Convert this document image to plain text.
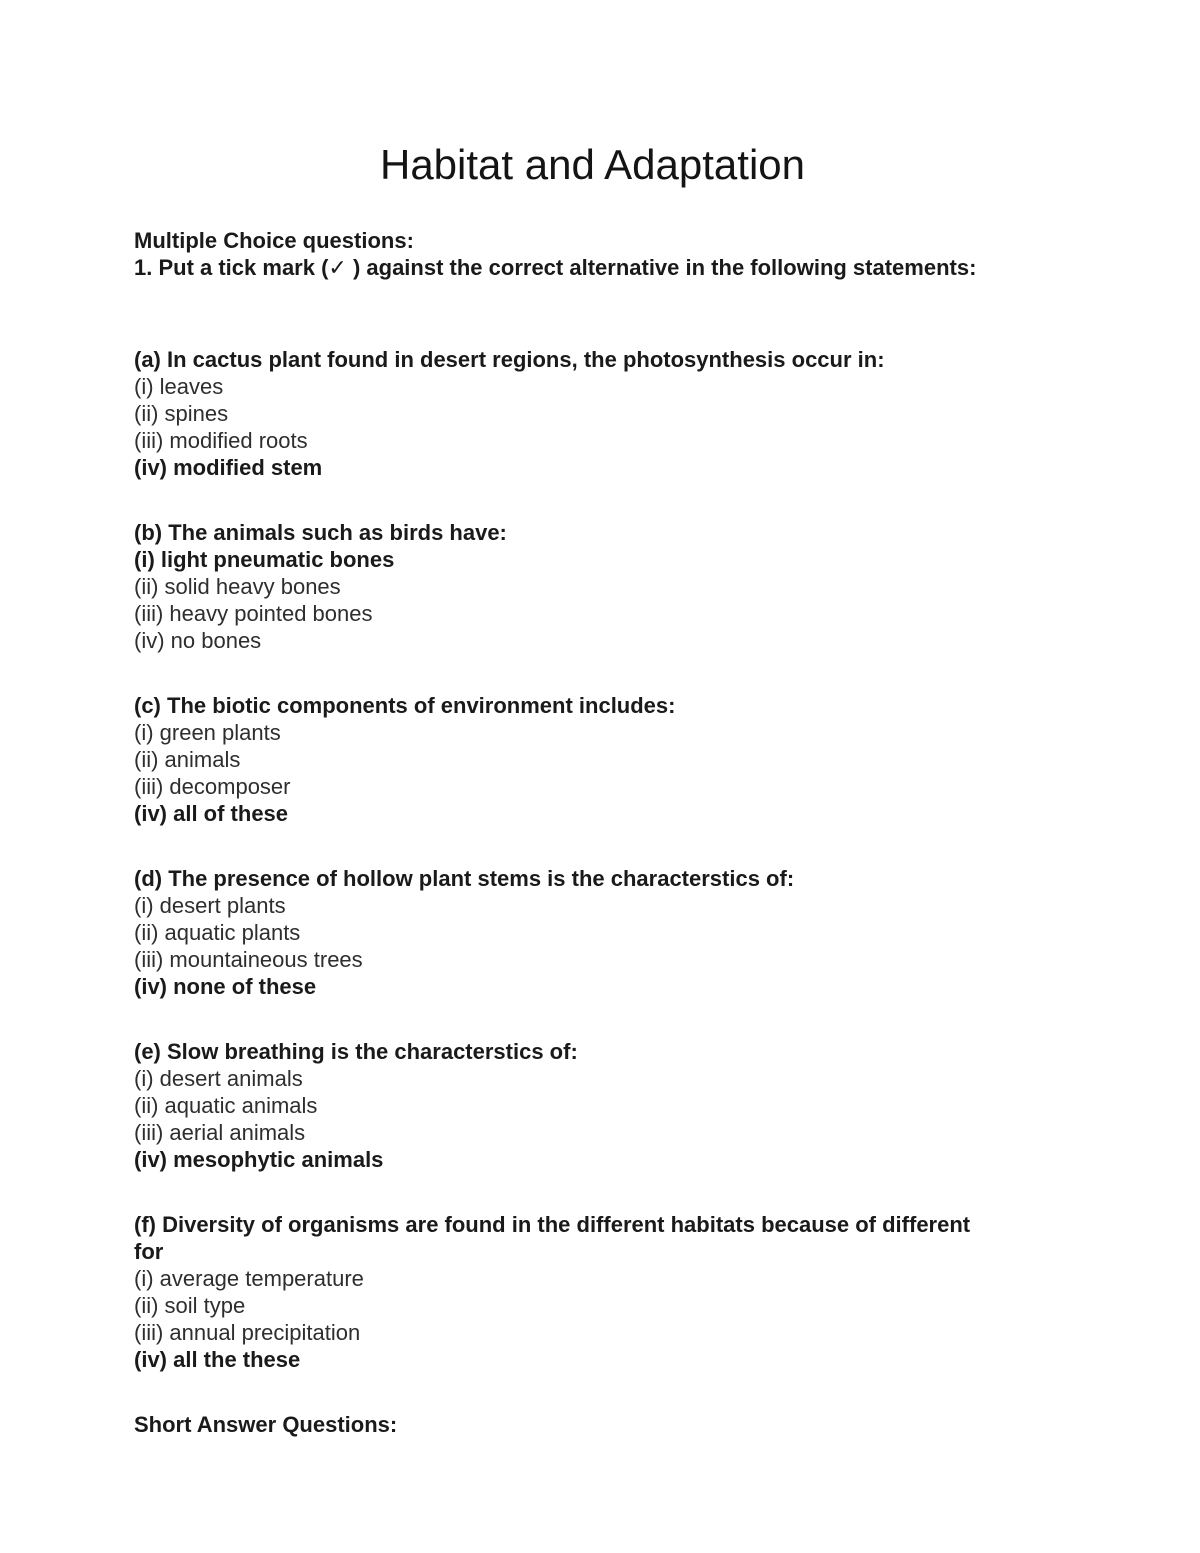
Habitat and Adaptation

Multiple Choice questions:

1. Put a tick mark (✓ ) against the correct alternative in the following statements:

(a) In cactus plant found in desert regions, the photosynthesis occur in:

(i) leaves

(ii) spines

(iii) modified roots

(iv) modified stem

(b) The animals such as birds have:

(i) light pneumatic bones

(ii) solid heavy bones

(iii) heavy pointed bones

(iv) no bones

(c) The biotic components of environment includes:

(i) green plants

(ii) animals

(iii) decomposer

(iv) all of these

(d) The presence of hollow plant stems is the characterstics of:

(i) desert plants

(ii) aquatic plants

(iii) mountaineous trees

(iv) none of these

(e) Slow breathing is the characterstics of:

(i) desert animals

(ii) aquatic animals

(iii) aerial animals

(iv) mesophytic animals

(f) Diversity of organisms are found in the different habitats because of different

for

(i) average temperature

(ii) soil type

(iii) annual precipitation

(iv) all the these

Short Answer Questions:
